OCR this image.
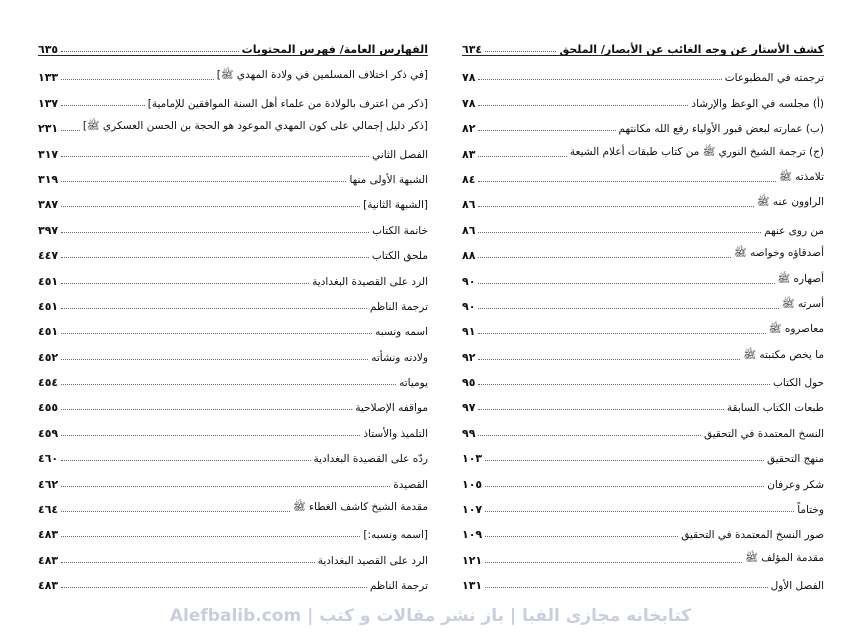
الفهارس العامة/ فهرس المحتويات
٦٣٥
[في ذكر اختلاف المسلمين في ولادة المهدي ﷺ]
١٣٣
[ذكر من اعترف بالولادة من علماء أهل السنة الموافقين للإمامية]
١٣٧
[ذكر دليل إجمالي على كون المهدي الموعود هو الحجة بن الحسن العسكري ﷺ]
٢٣١
الفصل الثاني
٣١٧
الشبهة الأولى منها
٣١٩
[الشبهة الثانية]
٣٨٧
خاتمة الكتاب
٣٩٧
ملحق الكتاب
٤٤٧
الرد على القصيدة البغدادية
٤٥١
ترجمة الناظم
٤٥١
اسمه ونسبه
٤٥١
ولادته ونشأته
٤٥٢
يومياته
٤٥٤
مواقفه الإصلاحية
٤٥٥
التلميذ والأستاذ
٤٥٩
ردّه على القصيدة البغدادية
٤٦٠
القصيدة
٤٦٢
مقدمة الشيخ كاشف الغطاء ﷺ
٤٦٤
[اسمه ونسبه:]
٤٨٣
الرد على القصيد البغدادية
٤٨٣
ترجمة الناظم
٤٨٣
كشف الأستار عن وجه الغائب عن الأبصار/ الملحق
٦٣٤
ترجمته في المطبوعات
٧٨
(أ) مجلسه في الوعظ والإرشاد
٧٨
(ب) عمارته لبعض قبور الأولياء رفع الله مكانتهم
٨٢
(ج) ترجمة الشيخ النوري ﷺ من كتاب طبقات أعلام الشيعة
٨٣
تلامذته ﷺ
٨٤
الراوون عنه ﷺ
٨٦
من روى عنهم
٨٦
أصدقاؤه وخواصه ﷺ
٨٨
أصهاره ﷺ
٩٠
أسرته ﷺ
٩٠
معاصروه ﷺ
٩١
ما يخص مكتبته ﷺ
٩٢
حول الكتاب
٩٥
طبعات الكتاب السابقة
٩٧
النسخ المعتمدة في التحقيق
٩٩
منهج التحقيق
١٠٣
شكر وعرفان
١٠٥
وختاماً
١٠٧
صور النسخ المعتمدة في التحقيق
١٠٩
مقدمة المؤلف ﷺ
١٢١
الفصل الأول
١٣١
Alefbalib.com | کتابخانه مجازی الفبا | باز نشر مقالات و کتب
